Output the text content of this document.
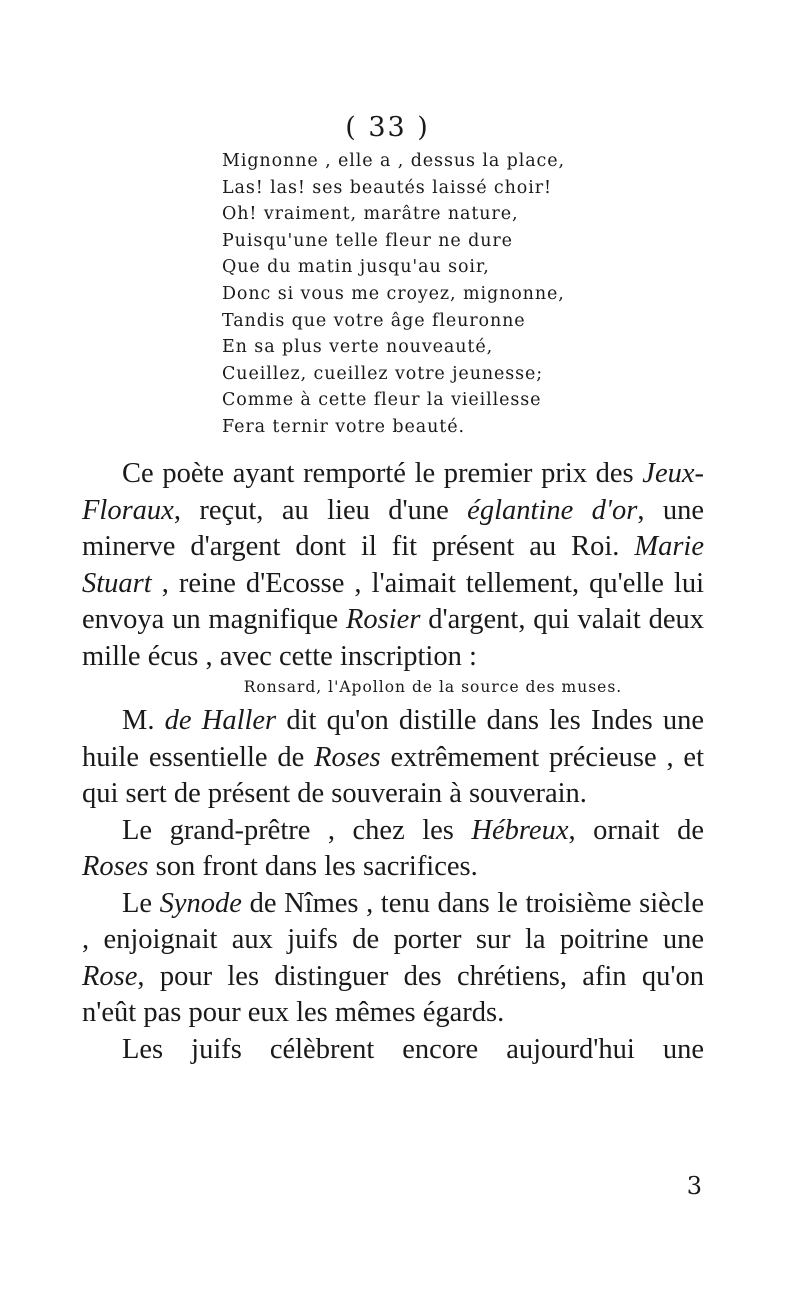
( 33 )
Mignonne , elle a , dessus la place,
Las! las! ses beautés laissé choir!
Oh! vraiment, marâtre nature,
Puisqu'une telle fleur ne dure
Que du matin jusqu'au soir,
Donc si vous me croyez, mignonne,
Tandis que votre âge fleuronne
En sa plus verte nouveauté,
Cueillez, cueillez votre jeunesse;
Comme à cette fleur la vieillesse
Fera ternir votre beauté.

Ce poète ayant remporté le premier prix des Jeux-Floraux, reçut, au lieu d'une églantine d'or, une minerve d'argent dont il fit présent au Roi. Marie Stuart , reine d'Ecosse , l'aimait tellement, qu'elle lui envoya un magnifique Rosier d'argent, qui valait deux mille écus , avec cette inscription :

Ronsard, l'Apollon de la source des muses.

M. de Haller dit qu'on distille dans les Indes une huile essentielle de Roses extrêmement précieuse , et qui sert de présent de souverain à souverain.

Le grand-prêtre , chez les Hébreux, ornait de Roses son front dans les sacrifices.

Le Synode de Nîmes , tenu dans le troisième siècle , enjoignait aux juifs de porter sur la poitrine une Rose, pour les distinguer des chrétiens, afin qu'on n'eût pas pour eux les mêmes égards.

Les juifs célèbrent encore aujourd'hui une

3
